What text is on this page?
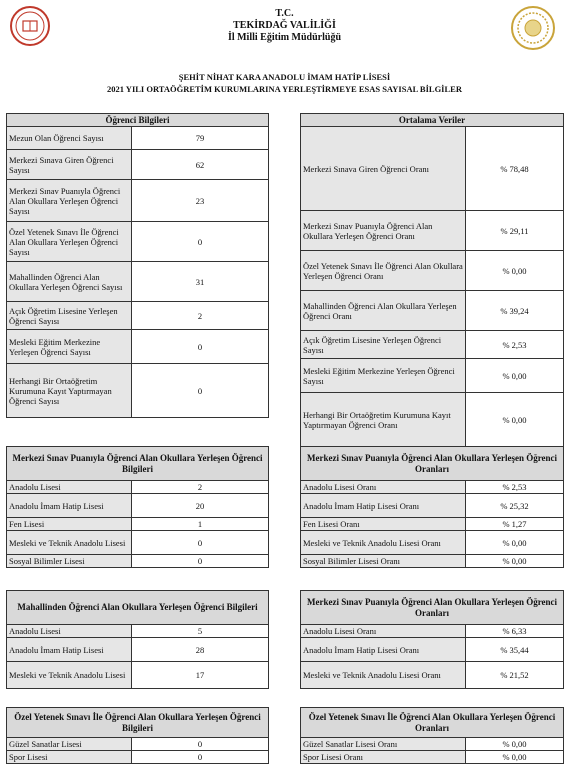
T.C.
TEKİRDAĞ VALİLİĞİ
İl Milli Eğitim Müdürlüğü
ŞEHİT NİHAT KARA ANADOLU İMAM HATİP LİSESİ
2021 YILI ORTAÖĞRETİM KURUMLARINA YERLEŞTİRMEYE ESAS SAYISAL BİLGİLER
Öğrenci Bilgileri	
Mezun Olan Öğrenci Sayısı	79
Merkezi Sınava Giren Öğrenci Sayısı	62
Merkezi Sınav Puanıyla Öğrenci Alan Okullara Yerleşen Öğrenci Sayısı	23
Özel Yetenek Sınavı İle Öğrenci Alan Okullara Yerleşen Öğrenci Sayısı	0
Mahallinden Öğrenci Alan Okullara Yerleşen Öğrenci Sayısı	31
Açık Öğretim Lisesine Yerleşen Öğrenci Sayısı	2
Mesleki Eğitim Merkezine Yerleşen Öğrenci Sayısı	0
Herhangi Bir Ortaöğretim Kurumuna Kayıt Yaptırmayan Öğrenci Sayısı	0
Ortalama Veriler	
Merkezi Sınava Giren Öğrenci Oranı	% 78,48
Merkezi Sınav Puanıyla Öğrenci Alan Okullara Yerleşen Öğrenci Oranı	% 29,11
Özel Yetenek Sınavı İle Öğrenci Alan Okullara Yerleşen Öğrenci Oranı	% 0,00
Mahallinden Öğrenci Alan Okullara Yerleşen Öğrenci Oranı	% 39,24
Açık Öğretim Lisesine Yerleşen Öğrenci Sayısı	% 2,53
Mesleki Eğitim Merkezine Yerleşen Öğrenci Sayısı	% 0,00
Herhangi Bir Ortaöğretim Kurumuna Kayıt Yaptırmayan Öğrenci Oranı	% 0,00
Merkezi Sınav Puanıyla Öğrenci Alan Okullara Yerleşen Öğrenci Bilgileri	
Anadolu Lisesi	2
Anadolu İmam Hatip Lisesi	20
Fen Lisesi	1
Mesleki ve Teknik Anadolu Lisesi	0
Sosyal Bilimler Lisesi	0
Merkezi Sınav Puanıyla Öğrenci Alan Okullara Yerleşen Öğrenci Oranları	
Anadolu Lisesi Oranı	% 2,53
Anadolu İmam Hatip Lisesi Oranı	% 25,32
Fen Lisesi Oranı	% 1,27
Mesleki ve Teknik Anadolu Lisesi Oranı	% 0,00
Sosyal Bilimler Lisesi Oranı	% 0,00
Mahallinden Öğrenci Alan Okullara Yerleşen Öğrenci Bilgileri	
Anadolu Lisesi	5
Anadolu İmam Hatip Lisesi	28
Mesleki ve Teknik Anadolu Lisesi	17
Merkezi Sınav Puanıyla Öğrenci Alan Okullara Yerleşen Öğrenci Oranları	
Anadolu Lisesi Oranı	% 6,33
Anadolu İmam Hatip Lisesi Oranı	% 35,44
Mesleki ve Teknik Anadolu Lisesi Oranı	% 21,52
Özel Yetenek Sınavı İle Öğrenci Alan Okullara Yerleşen Öğrenci Bilgileri	
Güzel Sanatlar Lisesi	0
Spor Lisesi	0
Özel Yetenek Sınavı İle Öğrenci Alan Okullara Yerleşen Öğrenci Oranları	
Güzel Sanatlar Lisesi Oranı	% 0,00
Spor Lisesi Oranı	% 0,00
